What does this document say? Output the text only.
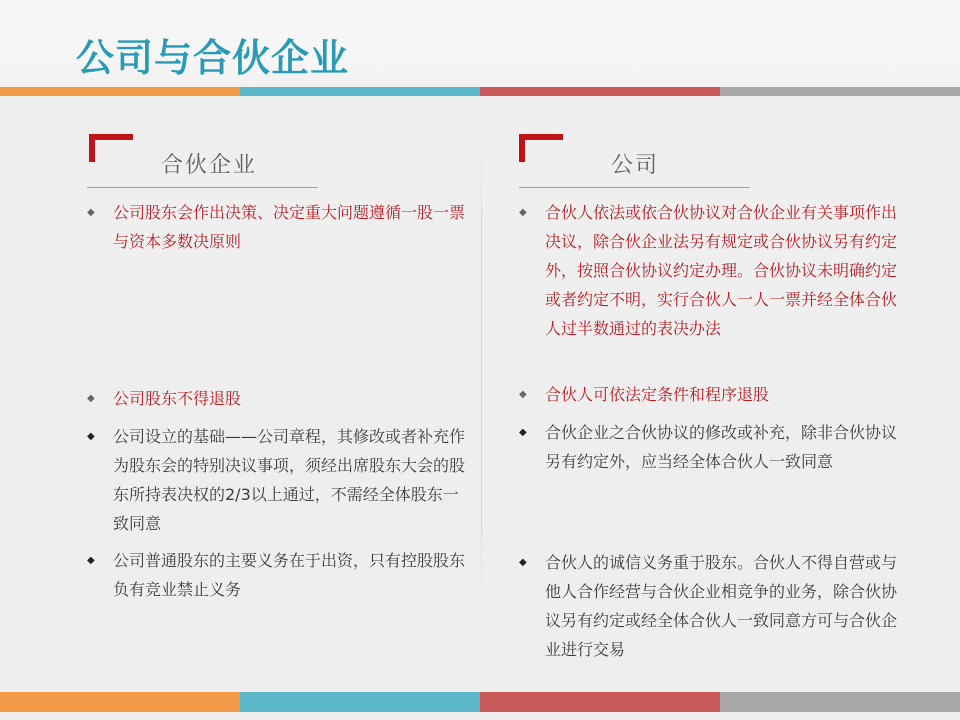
公司与合伙企业
合伙企业
◆	公司股东会作出决策、决定重大问题遵循一股一票与资本多数决原则
◆	公司股东不得退股
◆	公司设立的基础——公司章程，其修改或者补充作为股东会的特别决议事项，须经出席股东大会的股东所持表决权的2/3以上通过，不需经全体股东一致同意
◆	公司普通股东的主要义务在于出资，只有控股股东负有竞业禁止义务
公司
◆	合伙人依法或依合伙协议对合伙企业有关事项作出决议，除合伙企业法另有规定或合伙协议另有约定外，按照合伙协议约定办理。合伙协议未明确约定或者约定不明，实行合伙人一人一票并经全体合伙人过半数通过的表决办法
◆	合伙人可依法定条件和程序退股
◆	合伙企业之合伙协议的修改或补充，除非合伙协议另有约定外，应当经全体合伙人一致同意
◆	合伙人的诚信义务重于股东。合伙人不得自营或与他人合作经营与合伙企业相竞争的业务，除合伙协议另有约定或经全体合伙人一致同意方可与合伙企业进行交易
